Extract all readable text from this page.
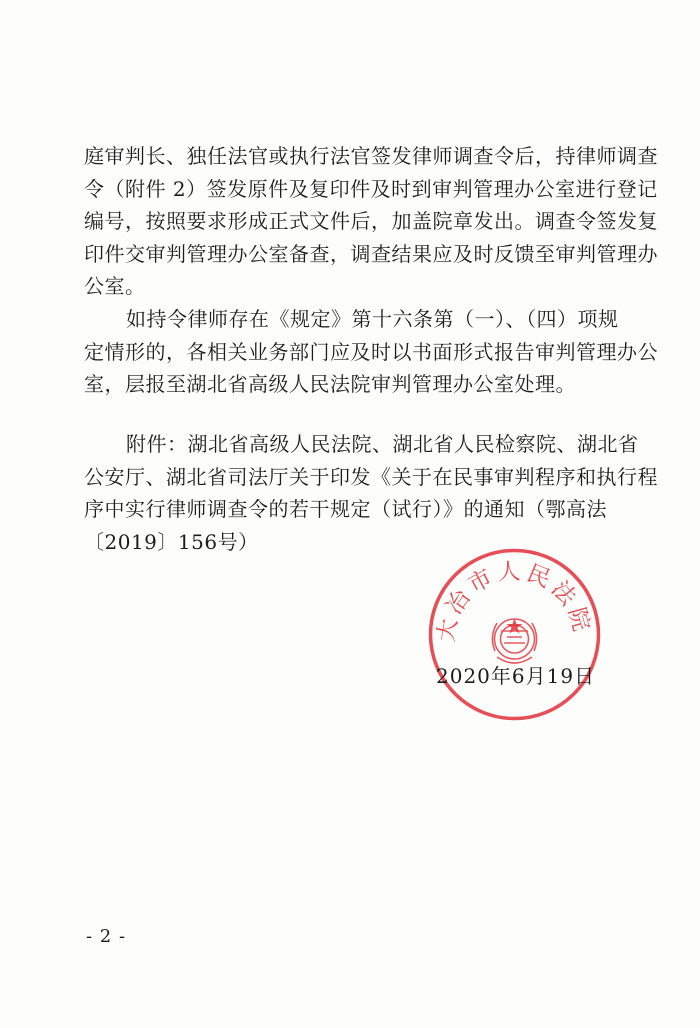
庭审判长、独任法官或执行法官签发律师调查令后，持律师调查
令（附件 2）签发原件及复印件及时到审判管理办公室进行登记
编号，按照要求形成正式文件后，加盖院章发出。调查令签发复
印件交审判管理办公室备查，调查结果应及时反馈至审判管理办
公室。
如持令律师存在《规定》第十六条第（一）、（四）项规
定情形的，各相关业务部门应及时以书面形式报告审判管理办公
室，层报至湖北省高级人民法院审判管理办公室处理。
附件：湖北省高级人民法院、湖北省人民检察院、湖北省
公安厅、湖北省司法厅关于印发《关于在民事审判程序和执行程
序中实行律师调查令的若干规定（试行）》的通知（鄂高法
〔2019〕156号）
大冶市人民法院
2020年6月19日
- 2 -
